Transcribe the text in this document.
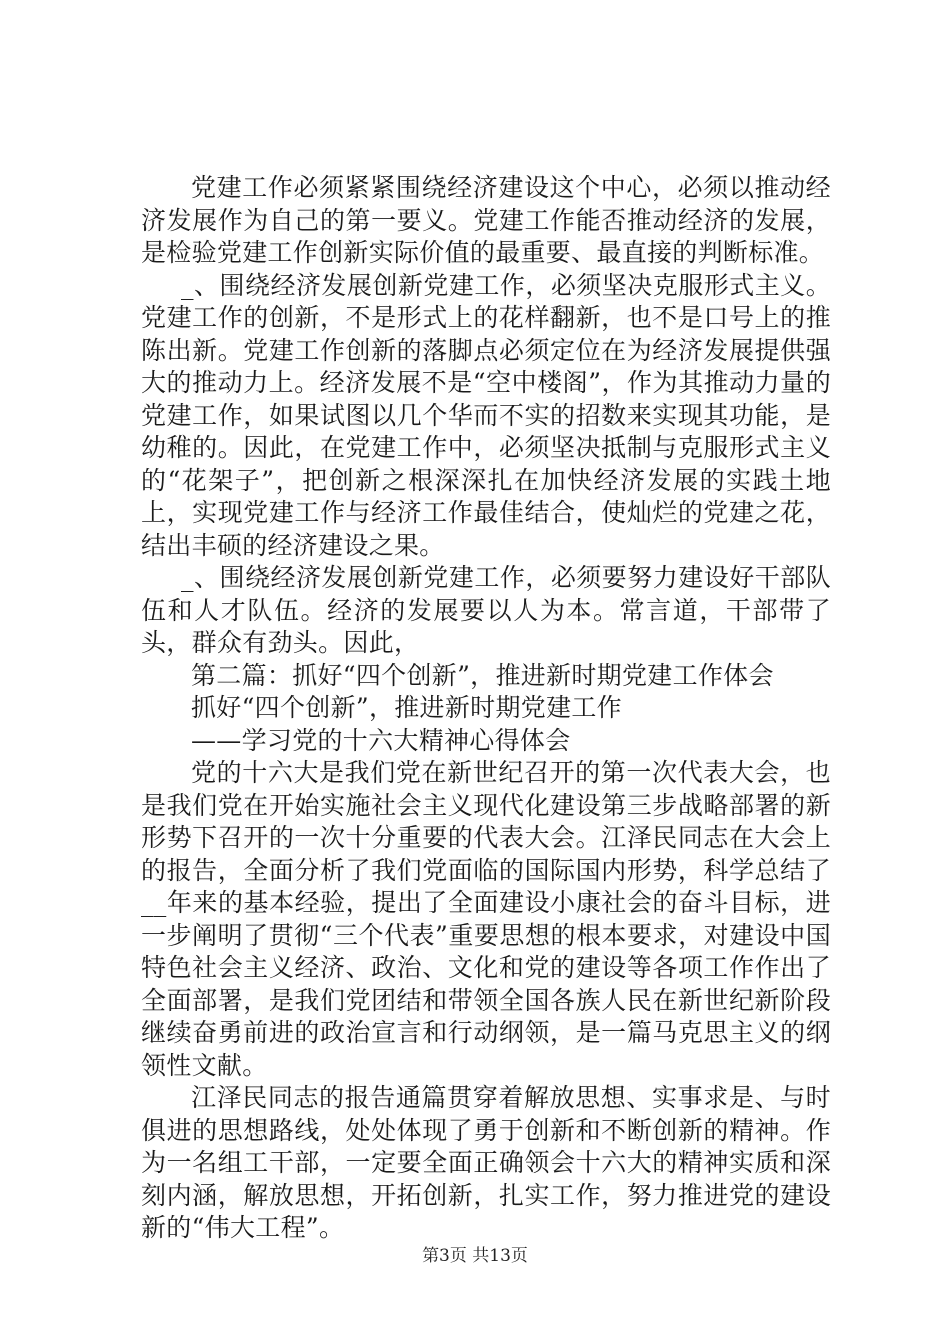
党建工作必须紧紧围绕经济建设这个中心，必须以推动经济发展作为自己的第一要义。党建工作能否推动经济的发展，是检验党建工作创新实际价值的最重要、最直接的判断标准。

_、围绕经济发展创新党建工作，必须坚决克服形式主义。党建工作的创新，不是形式上的花样翻新，也不是口号上的推陈出新。党建工作创新的落脚点必须定位在为经济发展提供强大的推动力上。经济发展不是“空中楼阁”，作为其推动力量的党建工作，如果试图以几个华而不实的招数来实现其功能，是幼稚的。因此，在党建工作中，必须坚决抵制与克服形式主义的“花架子”，把创新之根深深扎在加快经济发展的实践土地上，实现党建工作与经济工作最佳结合，使灿烂的党建之花，结出丰硕的经济建设之果。

_、围绕经济发展创新党建工作，必须要努力建设好干部队伍和人才队伍。经济的发展要以人为本。常言道，干部带了头，群众有劲头。因此，

第二篇：抓好“四个创新”，推进新时期党建工作体会

抓好“四个创新”，推进新时期党建工作

——学习党的十六大精神心得体会

党的十六大是我们党在新世纪召开的第一次代表大会，也是我们党在开始实施社会主义现代化建设第三步战略部署的新形势下召开的一次十分重要的代表大会。江泽民同志在大会上的报告，全面分析了我们党面临的国际国内形势，科学总结了__年来的基本经验，提出了全面建设小康社会的奋斗目标，进一步阐明了贯彻“三个代表”重要思想的根本要求，对建设中国特色社会主义经济、政治、文化和党的建设等各项工作作出了全面部署，是我们党团结和带领全国各族人民在新世纪新阶段继续奋勇前进的政治宣言和行动纲领，是一篇马克思主义的纲领性文献。

江泽民同志的报告通篇贯穿着解放思想、实事求是、与时俱进的思想路线，处处体现了勇于创新和不断创新的精神。作为一名组工干部，一定要全面正确领会十六大的精神实质和深刻内涵，解放思想，开拓创新，扎实工作，努力推进党的建设新的“伟大工程”。

第3页 共13页
